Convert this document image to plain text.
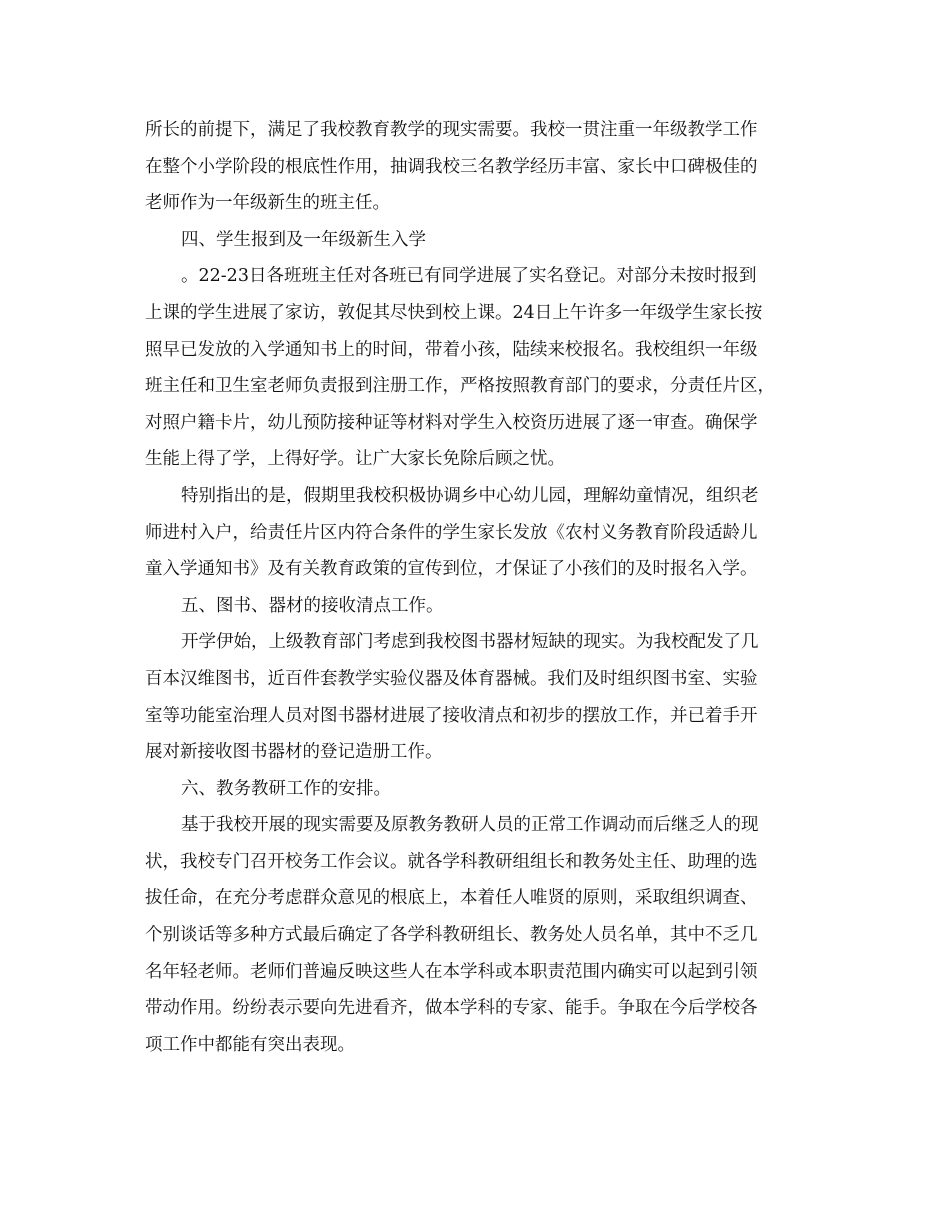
所长的前提下，满足了我校教育教学的现实需要。我校一贯注重一年级教学工作
在整个小学阶段的根底性作用，抽调我校三名教学经历丰富、家长中口碑极佳的
老师作为一年级新生的班主任。
四、学生报到及一年级新生入学
。22-23日各班班主任对各班已有同学进展了实名登记。对部分未按时报到
上课的学生进展了家访，敦促其尽快到校上课。24日上午许多一年级学生家长按
照早已发放的入学通知书上的时间，带着小孩，陆续来校报名。我校组织一年级
班主任和卫生室老师负责报到注册工作，严格按照教育部门的要求，分责任片区，
对照户籍卡片，幼儿预防接种证等材料对学生入校资历进展了逐一审查。确保学
生能上得了学，上得好学。让广大家长免除后顾之忧。
特别指出的是，假期里我校积极协调乡中心幼儿园，理解幼童情况，组织老
师进村入户，给责任片区内符合条件的学生家长发放《农村义务教育阶段适龄儿
童入学通知书》及有关教育政策的宣传到位，才保证了小孩们的及时报名入学。
五、图书、器材的接收清点工作。
开学伊始，上级教育部门考虑到我校图书器材短缺的现实。为我校配发了几
百本汉维图书，近百件套教学实验仪器及体育器械。我们及时组织图书室、实验
室等功能室治理人员对图书器材进展了接收清点和初步的摆放工作，并已着手开
展对新接收图书器材的登记造册工作。
六、教务教研工作的安排。
基于我校开展的现实需要及原教务教研人员的正常工作调动而后继乏人的现
状，我校专门召开校务工作会议。就各学科教研组组长和教务处主任、助理的选
拔任命，在充分考虑群众意见的根底上，本着任人唯贤的原则，采取组织调查、
个别谈话等多种方式最后确定了各学科教研组长、教务处人员名单，其中不乏几
名年轻老师。老师们普遍反映这些人在本学科或本职责范围内确实可以起到引领
带动作用。纷纷表示要向先进看齐，做本学科的专家、能手。争取在今后学校各
项工作中都能有突出表现。
